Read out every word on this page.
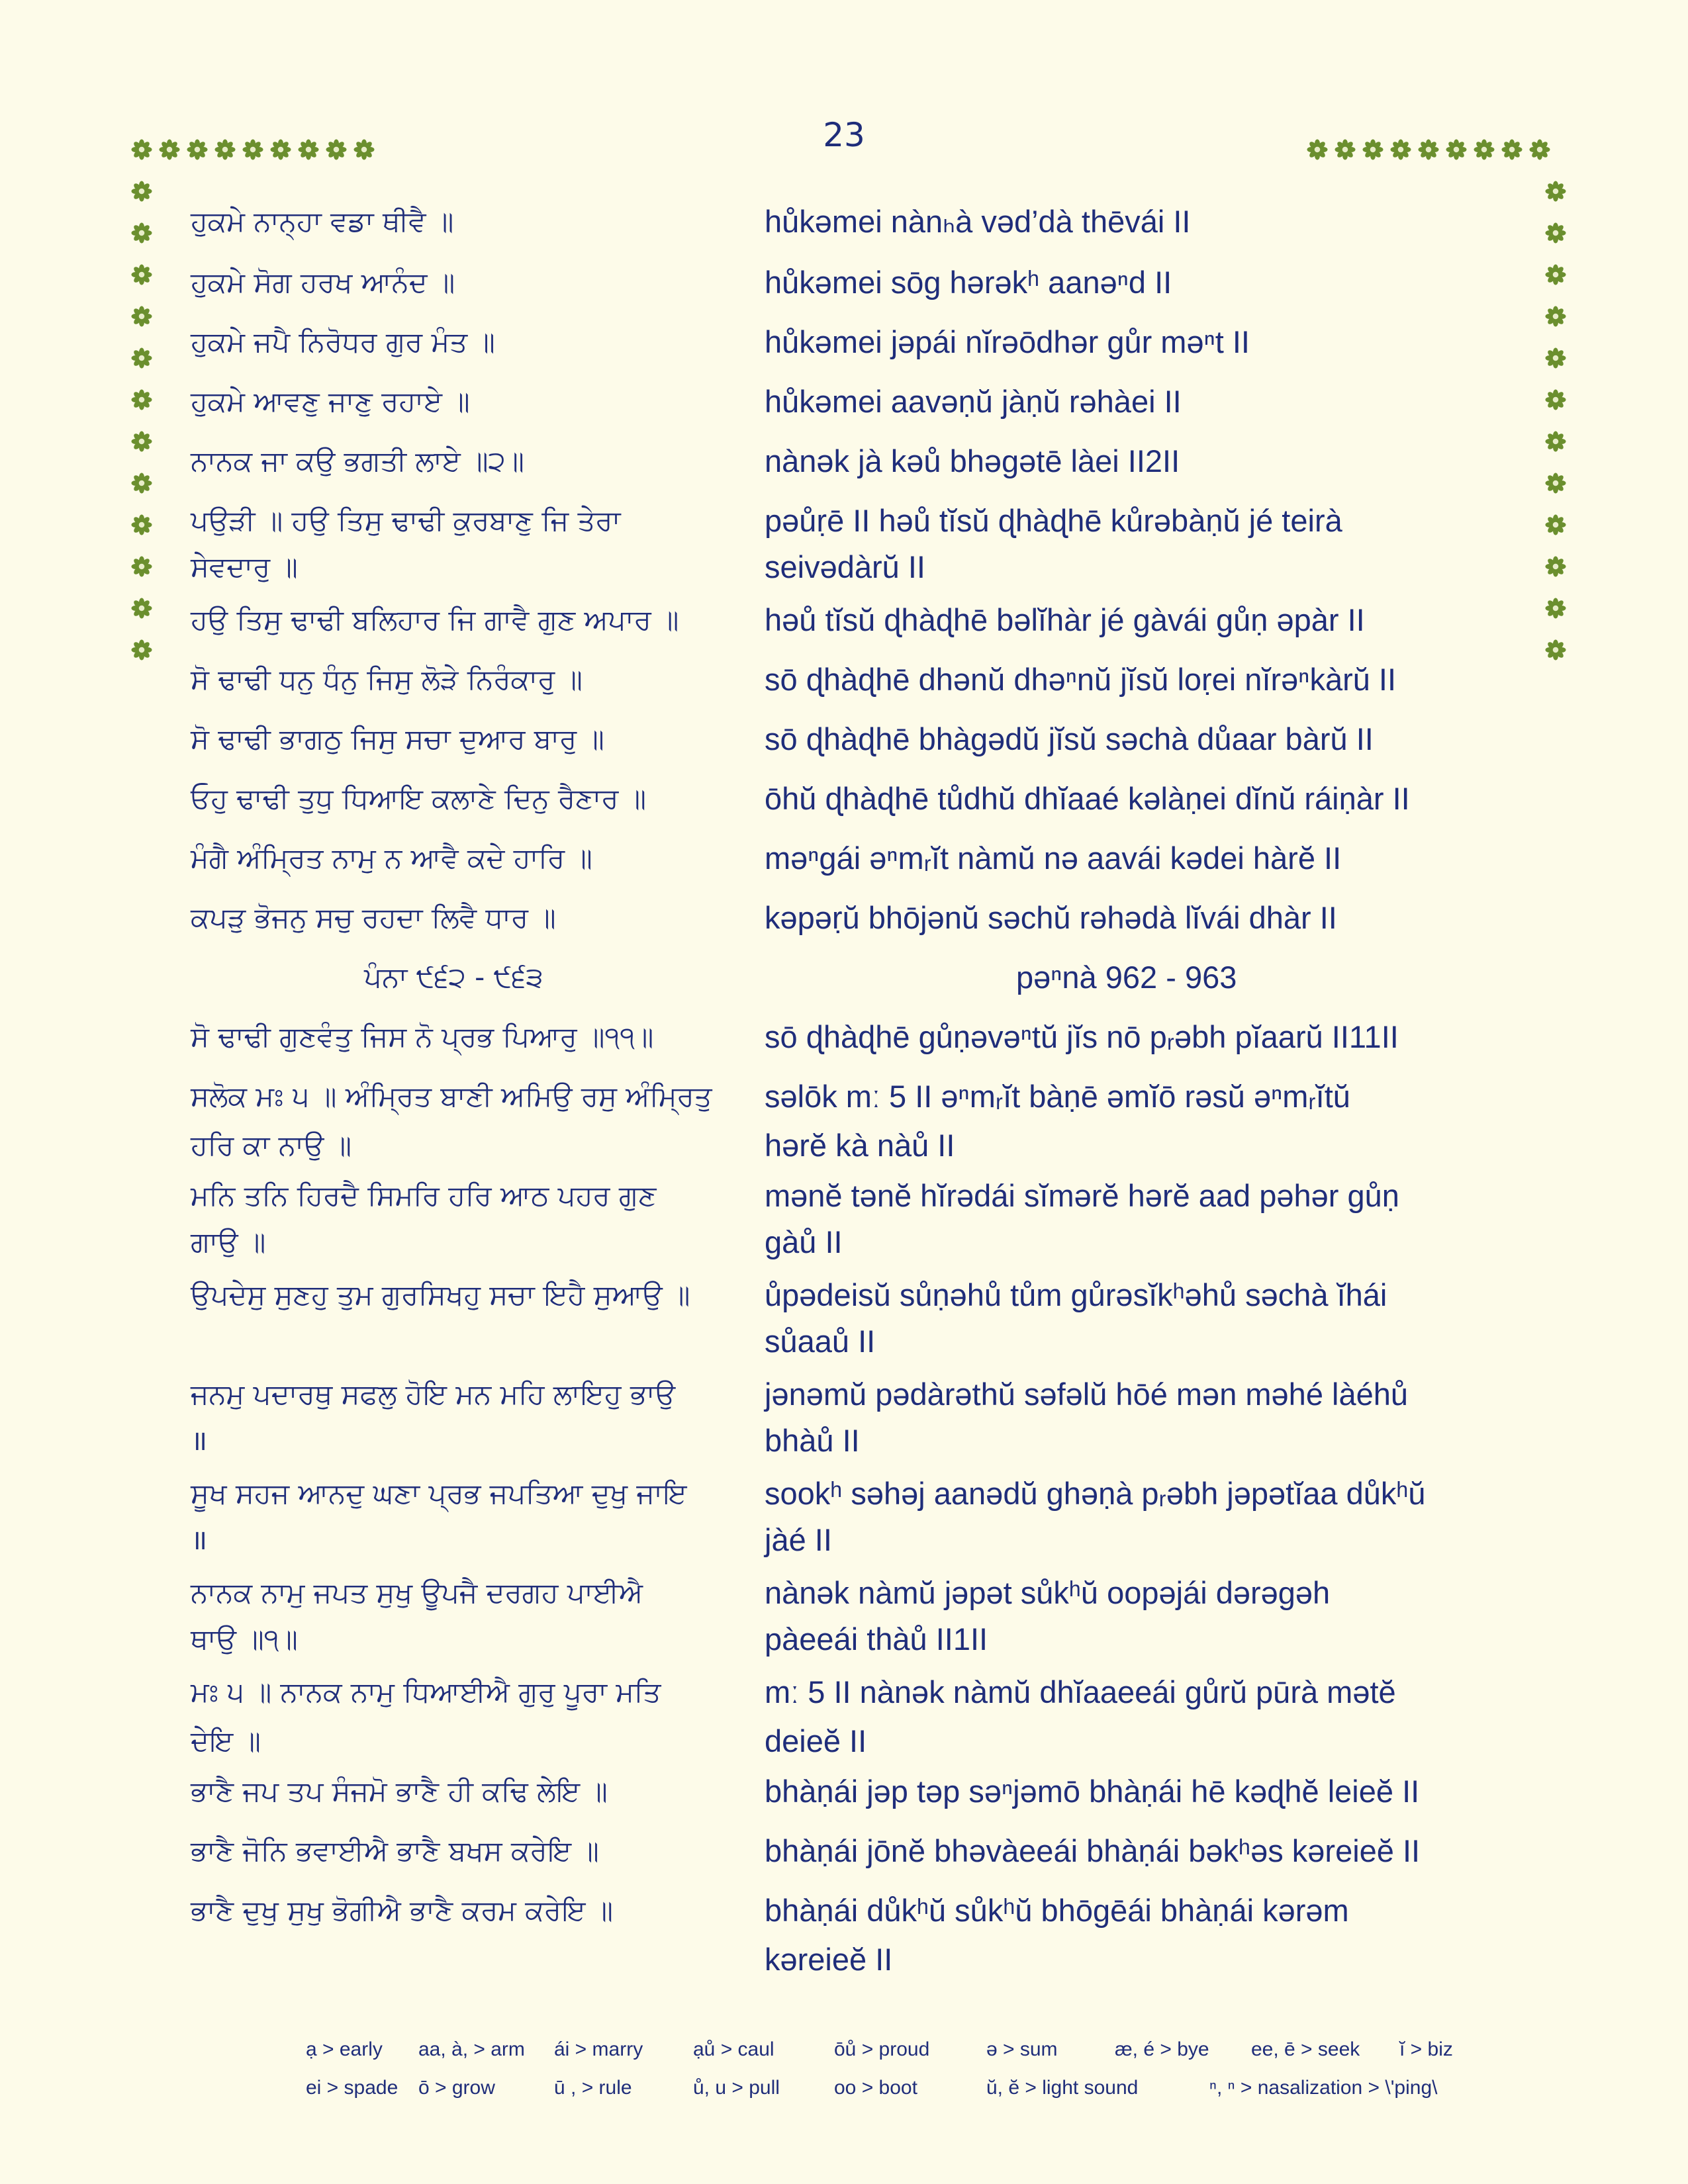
23
ਹੁਕਮੇ ਨਾਨ੍ਹਾ ਵਡਾ ਥੀਵੈ ॥	hůkəmei nànₕà vəd’dà thēvái II
ਹੁਕਮੇ ਸੋਗ ਹਰਖ ਆਨੰਦ ॥	hůkəmei sōg hərəkʰ aanəⁿd II
ਹੁਕਮੇ ਜਪੈ ਨਿਰੋਧਰ ਗੁਰ ਮੰਤ ॥	hůkəmei jəpái nĭrəōdhər gůr məⁿt II
ਹੁਕਮੇ ਆਵਣੁ ਜਾਣੁ ਰਹਾਏ ॥	hůkəmei aavəṇŭ jàṇŭ rəhàei II
ਨਾਨਕ ਜਾ ਕਉ ਭਗਤੀ ਲਾਏ ॥੨॥	nànək jà kəů bhəgətē làei II2II
ਪਉੜੀ ॥ ਹਉ ਤਿਸੁ ਢਾਢੀ ਕੁਰਬਾਣੁ ਜਿ ਤੇਰਾ	pəůṛē II həů tĭsŭ ɖhàɖhē kůrəbàṇŭ jé teirà
ਸੇਵਦਾਰੁ ॥	seivədàrŭ II
ਹਉ ਤਿਸੁ ਢਾਢੀ ਬਲਿਹਾਰ ਜਿ ਗਾਵੈ ਗੁਣ ਅਪਾਰ ॥	həů tĭsŭ ɖhàɖhē bəlĭhàr jé gàvái gůṇ əpàr II
ਸੋ ਢਾਢੀ ਧਨੁ ਧੰਨੁ ਜਿਸੁ ਲੋੜੇ ਨਿਰੰਕਾਰੁ ॥	sō ɖhàɖhē dhənŭ dhəⁿnŭ jĭsŭ loṛei nĭrəⁿkàrŭ II
ਸੋ ਢਾਢੀ ਭਾਗਠੁ ਜਿਸੁ ਸਚਾ ਦੁਆਰ ਬਾਰੁ ॥	sō ɖhàɖhē bhàgədŭ jĭsŭ səchà důaar bàrŭ II
ਓਹੁ ਢਾਢੀ ਤੁਧੁ ਧਿਆਇ ਕਲਾਣੇ ਦਿਨੁ ਰੈਣਾਰ ॥	ōhŭ ɖhàɖhē tůdhŭ dhĭaaé kəlàṇei dĭnŭ ráiṇàr II
ਮੰਗੈ ਅੰਮ੍ਰਿਤ ਨਾਮੁ ਨ ਆਵੈ ਕਦੇ ਹਾਰਿ ॥	məⁿgái əⁿmᵣĭt nàmŭ nə aavái kədei hàrĕ II
ਕਪੜੁ ਭੋਜਨੁ ਸਚੁ ਰਹਦਾ ਲਿਵੈ ਧਾਰ ॥	kəpəṛŭ bhōjənŭ səchŭ rəhədà lĭvái dhàr II
ਪੰਨਾ ੯੬੨ - ੯੬੩	pəⁿnà 962 - 963
ਸੋ ਢਾਢੀ ਗੁਣਵੰਤੁ ਜਿਸ ਨੋ ਪ੍ਰਭ ਪਿਆਰੁ ॥੧੧॥	sō ɖhàɖhē gůṇəvəⁿtŭ jĭs nō pᵣəbh pĭaarŭ II11II
ਸਲੋਕ ਮਃ ੫ ॥ ਅੰਮ੍ਰਿਤ ਬਾਣੀ ਅਮਿਉ ਰਸੁ ਅੰਮ੍ਰਿਤੁ səlōk mː 5 II əⁿmᵣĭt bàṇē əmĭō rəsŭ əⁿmᵣĭtŭ
ਹਰਿ ਕਾ ਨਾਉ ॥	hərĕ kà nàů II
ਮਨਿ ਤਨਿ ਹਿਰਦੈ ਸਿਮਰਿ ਹਰਿ ਆਠ ਪਹਰ ਗੁਣ	mənĕ tənĕ hĭrədái sĭmərĕ hərĕ aad pəhər gůṇ
ਗਾਉ ॥	gàů II
ਉਪਦੇਸੁ ਸੁਣਹੁ ਤੁਮ ਗੁਰਸਿਖਹੁ ਸਚਾ ਇਹੈ ਸੁਆਉ ॥ ůpədeisŭ sůṇəhů tům gůrəsĭkʰəhů səchà ĭhái
sůaaů II
ਜਨਮੁ ਪਦਾਰਥੁ ਸਫਲੁ ਹੋਇ ਮਨ ਮਹਿ ਲਾਇਹੁ ਭਾਉ	jənəmŭ pədàrəthŭ səfəlŭ hōé mən məhé làéhů
॥	bhàů II
ਸੂਖ ਸਹਜ ਆਨਦੁ ਘਣਾ ਪ੍ਰਭ ਜਪਤਿਆ ਦੁਖੁ ਜਾਇ	sookʰ səhəj aanədŭ ghəṇà pᵣəbh jəpətĭaa důkʰŭ
॥	jàé II
ਨਾਨਕ ਨਾਮੁ ਜਪਤ ਸੁਖੁ ਊਪਜੈ ਦਰਗਹ ਪਾਈਐ	nànək nàmŭ jəpət sůkʰŭ oopəjái dərəgəh
ਥਾਉ ॥੧॥	pàeeái thàů II1II
ਮਃ ੫ ॥ ਨਾਨਕ ਨਾਮੁ ਧਿਆਈਐ ਗੁਰੁ ਪੂਰਾ ਮਤਿ	mː 5 II nànək nàmŭ dhĭaaeeái gůrŭ pūrà mətĕ
ਦੇਇ ॥	deieĕ II
ਭਾਣੈ ਜਪ ਤਪ ਸੰਜਮੋ ਭਾਣੈ ਹੀ ਕਢਿ ਲੇਇ ॥	bhàṇái jəp təp səⁿjəmō bhàṇái hē kəɖhĕ leieĕ II
ਭਾਣੈ ਜੋਨਿ ਭਵਾਈਐ ਭਾਣੈ ਬਖਸ ਕਰੇਇ ॥	bhàṇái jōnĕ bhəvàeeái bhàṇái bəkʰəs kəreieĕ II
ਭਾਣੈ ਦੁਖੁ ਸੁਖੁ ਭੋਗੀਐ ਭਾਣੈ ਕਰਮ ਕਰੇਇ ॥	bhàṇái důkʰŭ sůkʰŭ bhōgēái bhàṇái kərəm
kəreieĕ II
ạ > early aa, à, > arm ái > marry	ạů > caul	ōů > proud	ə > sum	æ, é > bye ee, ē > seek ĭ > biz
ei > spade ō > grow	ū , > rule	ů, u > pull	oo > boot	ŭ, ĕ > light sound	ⁿ, ⁿ > nasalization > \'ping\
